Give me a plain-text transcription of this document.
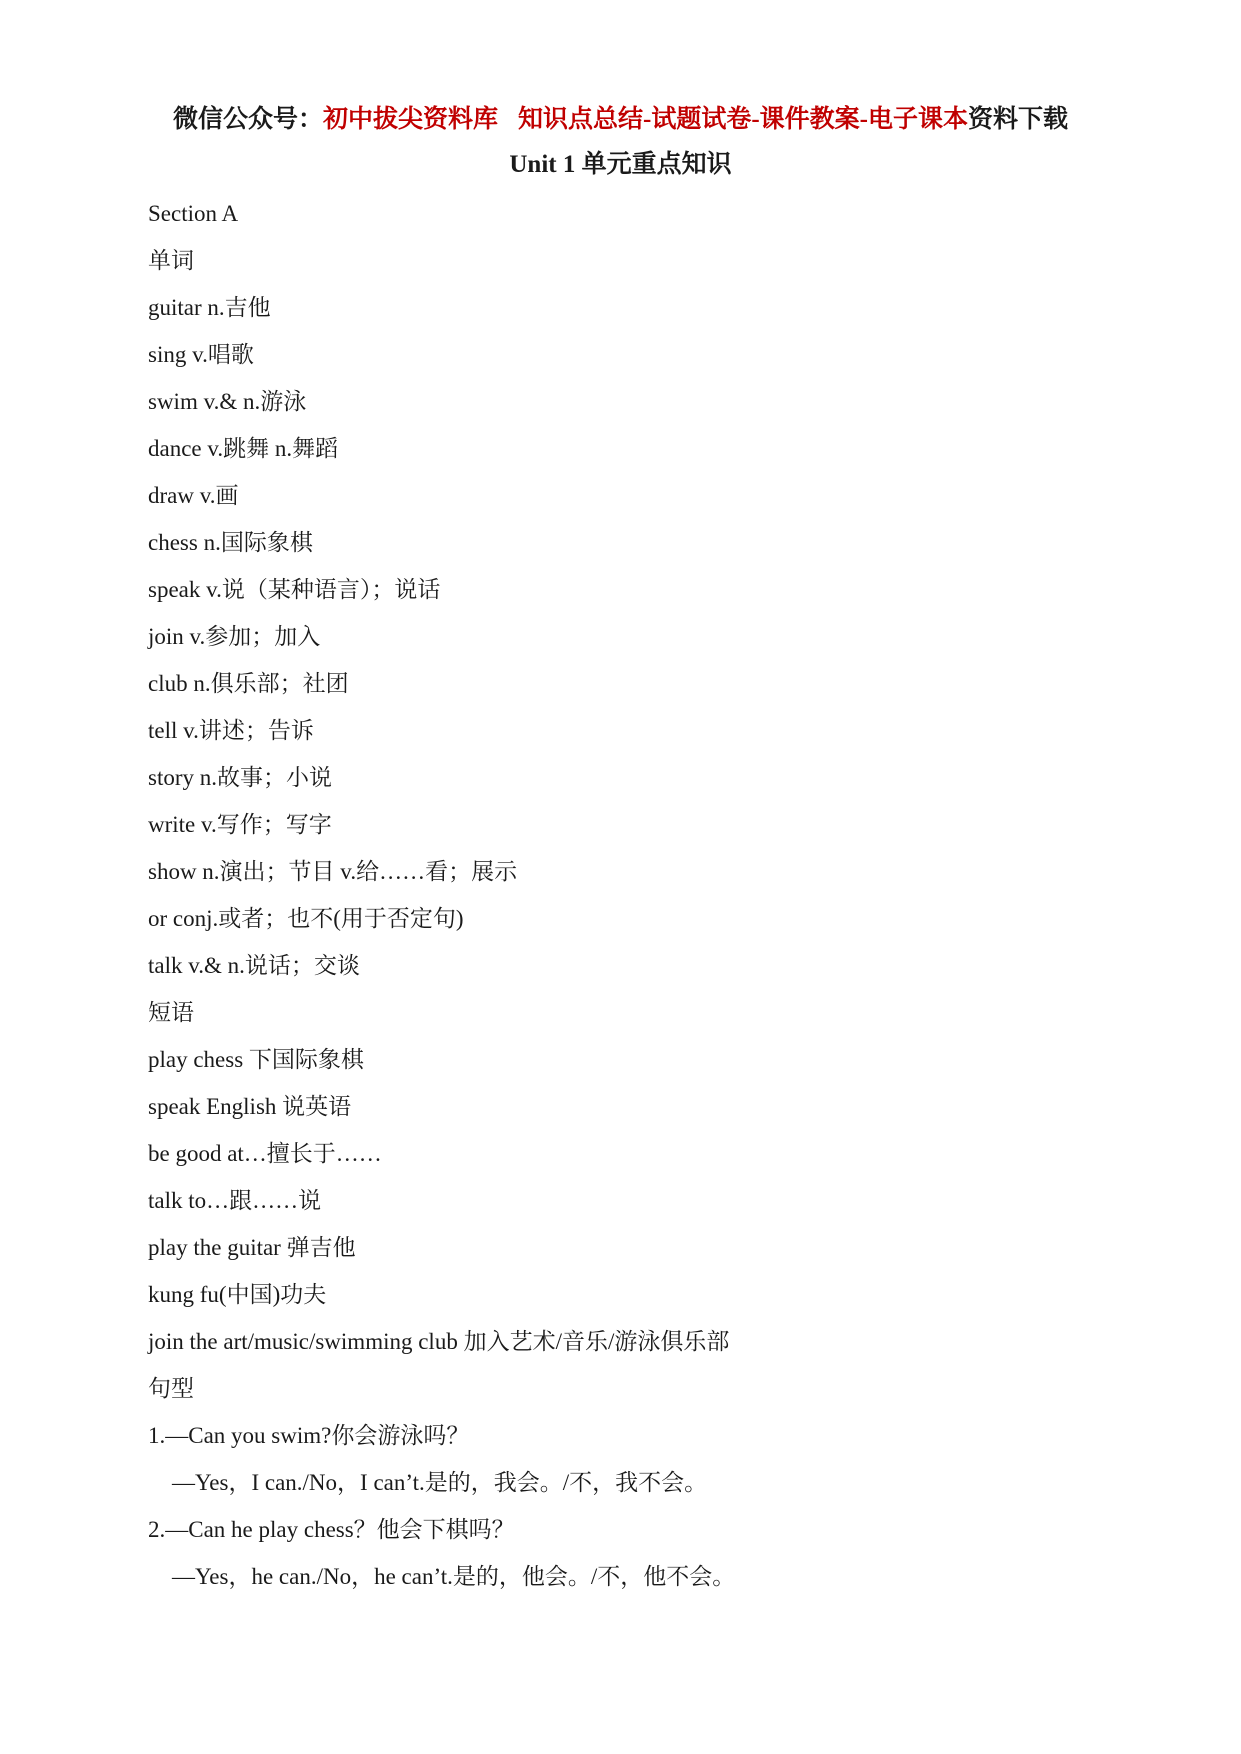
微信公众号：初中拔尖资料库 知识点总结-试题试卷-课件教案-电子课本资料下载
Unit 1 单元重点知识
Section A
单词
guitar n.吉他
sing v.唱歌
swim v.& n.游泳
dance v.跳舞 n.舞蹈
draw v.画
chess n.国际象棋
speak v.说（某种语言）；说话
join v.参加；加入
club n.俱乐部；社团
tell v.讲述；告诉
story n.故事；小说
write v.写作；写字
show n.演出；节目 v.给……看；展示
or conj.或者；也不(用于否定句)
talk v.& n.说话；交谈
短语
play chess 下国际象棋
speak English 说英语
be good at…擅长于……
talk to…跟……说
play the guitar 弹吉他
kung fu(中国)功夫
join the art/music/swimming club 加入艺术/音乐/游泳俱乐部
句型
1.—Can you swim?你会游泳吗？
—Yes，I can./No，I can’t.是的，我会。/不，我不会。
2.—Can he play chess？他会下棋吗？
—Yes，he can./No，he can’t.是的，他会。/不，他不会。
